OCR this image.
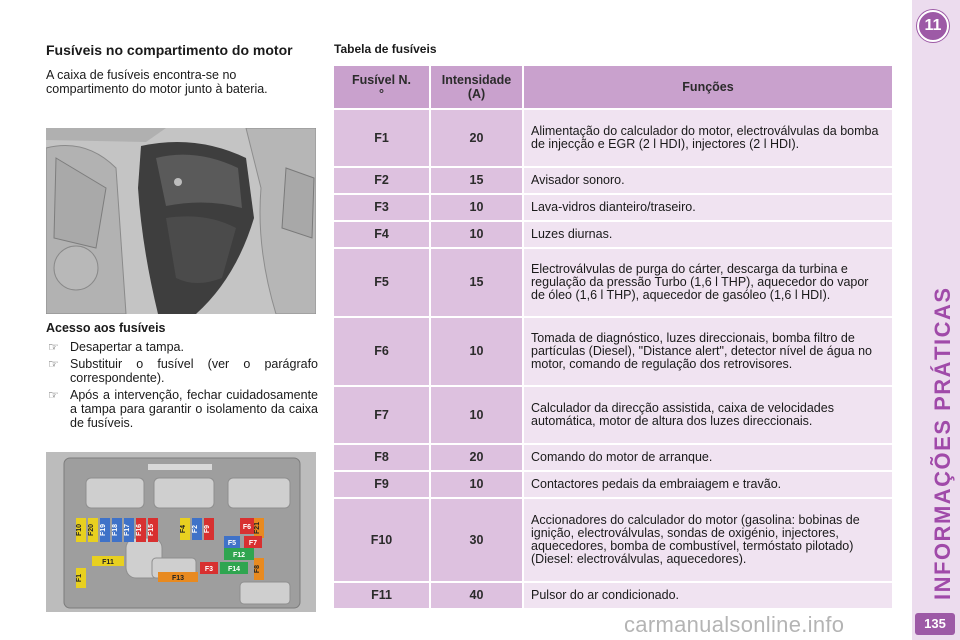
Fusíveis no compartimento do motor

A caixa de fusíveis encontra-se no compartimento do motor junto à bateria.

Acesso aos fusíveis
☞ Desapertar a tampa.
☞ Substituir o fusível (ver o parágrafo correspondente).
☞ Após a intervenção, fechar cuidadosamente a tampa para garantir o isolamento da caixa de fusíveis.
F10 F20 F19 F18 F17 F16 F15	F4 F2 F9	F6 F21
F5 F7
F12
F3 F14 F8
F11
F13
F1
Tabela de fusíveis
Fusível N.°	Intensidade (A)	Funções
F1	20	Alimentação do calculador do motor, electroválvulas da bomba de injecção e EGR (2 l HDI), injectores (2 l HDI).
F2	15	Avisador sonoro.
F3	10	Lava-vidros dianteiro/traseiro.
F4	10	Luzes diurnas.
F5	15	Electroválvulas de purga do cárter, descarga da turbina e regulação da pressão Turbo (1,6 l THP), aquecedor do vapor de óleo (1,6 l THP), aquecedor de gasóleo (1,6 l HDI).
F6	10	Tomada de diagnóstico, luzes direccionais, bomba filtro de partículas (Diesel), "Distance alert", detector nível de água no motor, comando de regulação dos retrovisores.
F7	10	Calculador da direcção assistida, caixa de velocidades automática, motor de altura dos luzes direccionais.
F8	20	Comando do motor de arranque.
F9	10	Contactores pedais da embraiagem e travão.
F10	30	Accionadores do calculador do motor (gasolina: bobinas de ignição, electroválvulas, sondas de oxigénio, injectores, aquecedores, bomba de combustível, termóstato pilotado) (Diesel: electroválvulas, aquecedores).
F11	40	Pulsor do ar condicionado.
11
INFORMAÇÕES PRÁTICAS
carmanualsonline.info	135
